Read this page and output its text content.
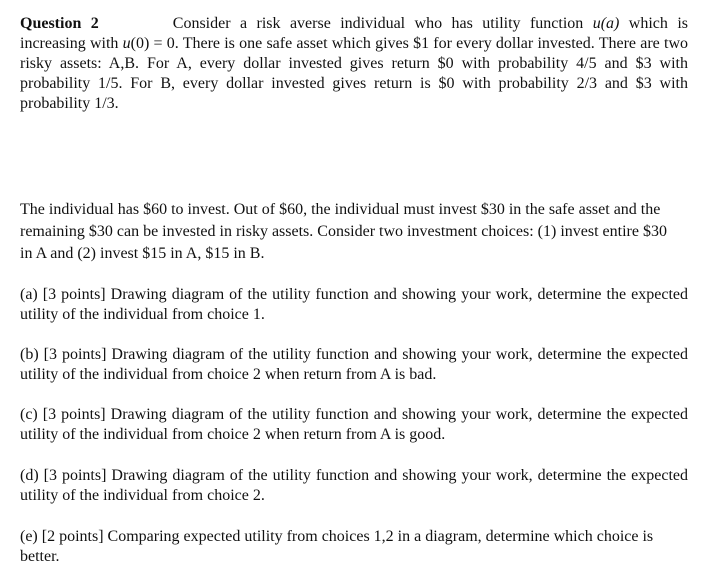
Question 2	Consider a risk averse individual who has utility function u(a) which is increasing with u(0) = 0. There is one safe asset which gives $1 for every dollar invested. There are two risky assets: A,B. For A, every dollar invested gives return $0 with probability 4/5 and $3 with probability 1/5. For B, every dollar invested gives return is $0 with probability 2/3 and $3 with probability 1/3.

The individual has $60 to invest. Out of $60, the individual must invest $30 in the safe asset and the remaining $30 can be invested in risky assets. Consider two investment choices: (1) invest entire $30 in A and (2) invest $15 in A, $15 in B.

(a) [3 points] Drawing diagram of the utility function and showing your work, determine the expected utility of the individual from choice 1.

(b) [3 points] Drawing diagram of the utility function and showing your work, determine the expected utility of the individual from choice 2 when return from A is bad.

(c) [3 points] Drawing diagram of the utility function and showing your work, determine the expected utility of the individual from choice 2 when return from A is good.

(d) [3 points] Drawing diagram of the utility function and showing your work, determine the expected utility of the individual from choice 2.

(e) [2 points] Comparing expected utility from choices 1,2 in a diagram, determine which choice is better.
